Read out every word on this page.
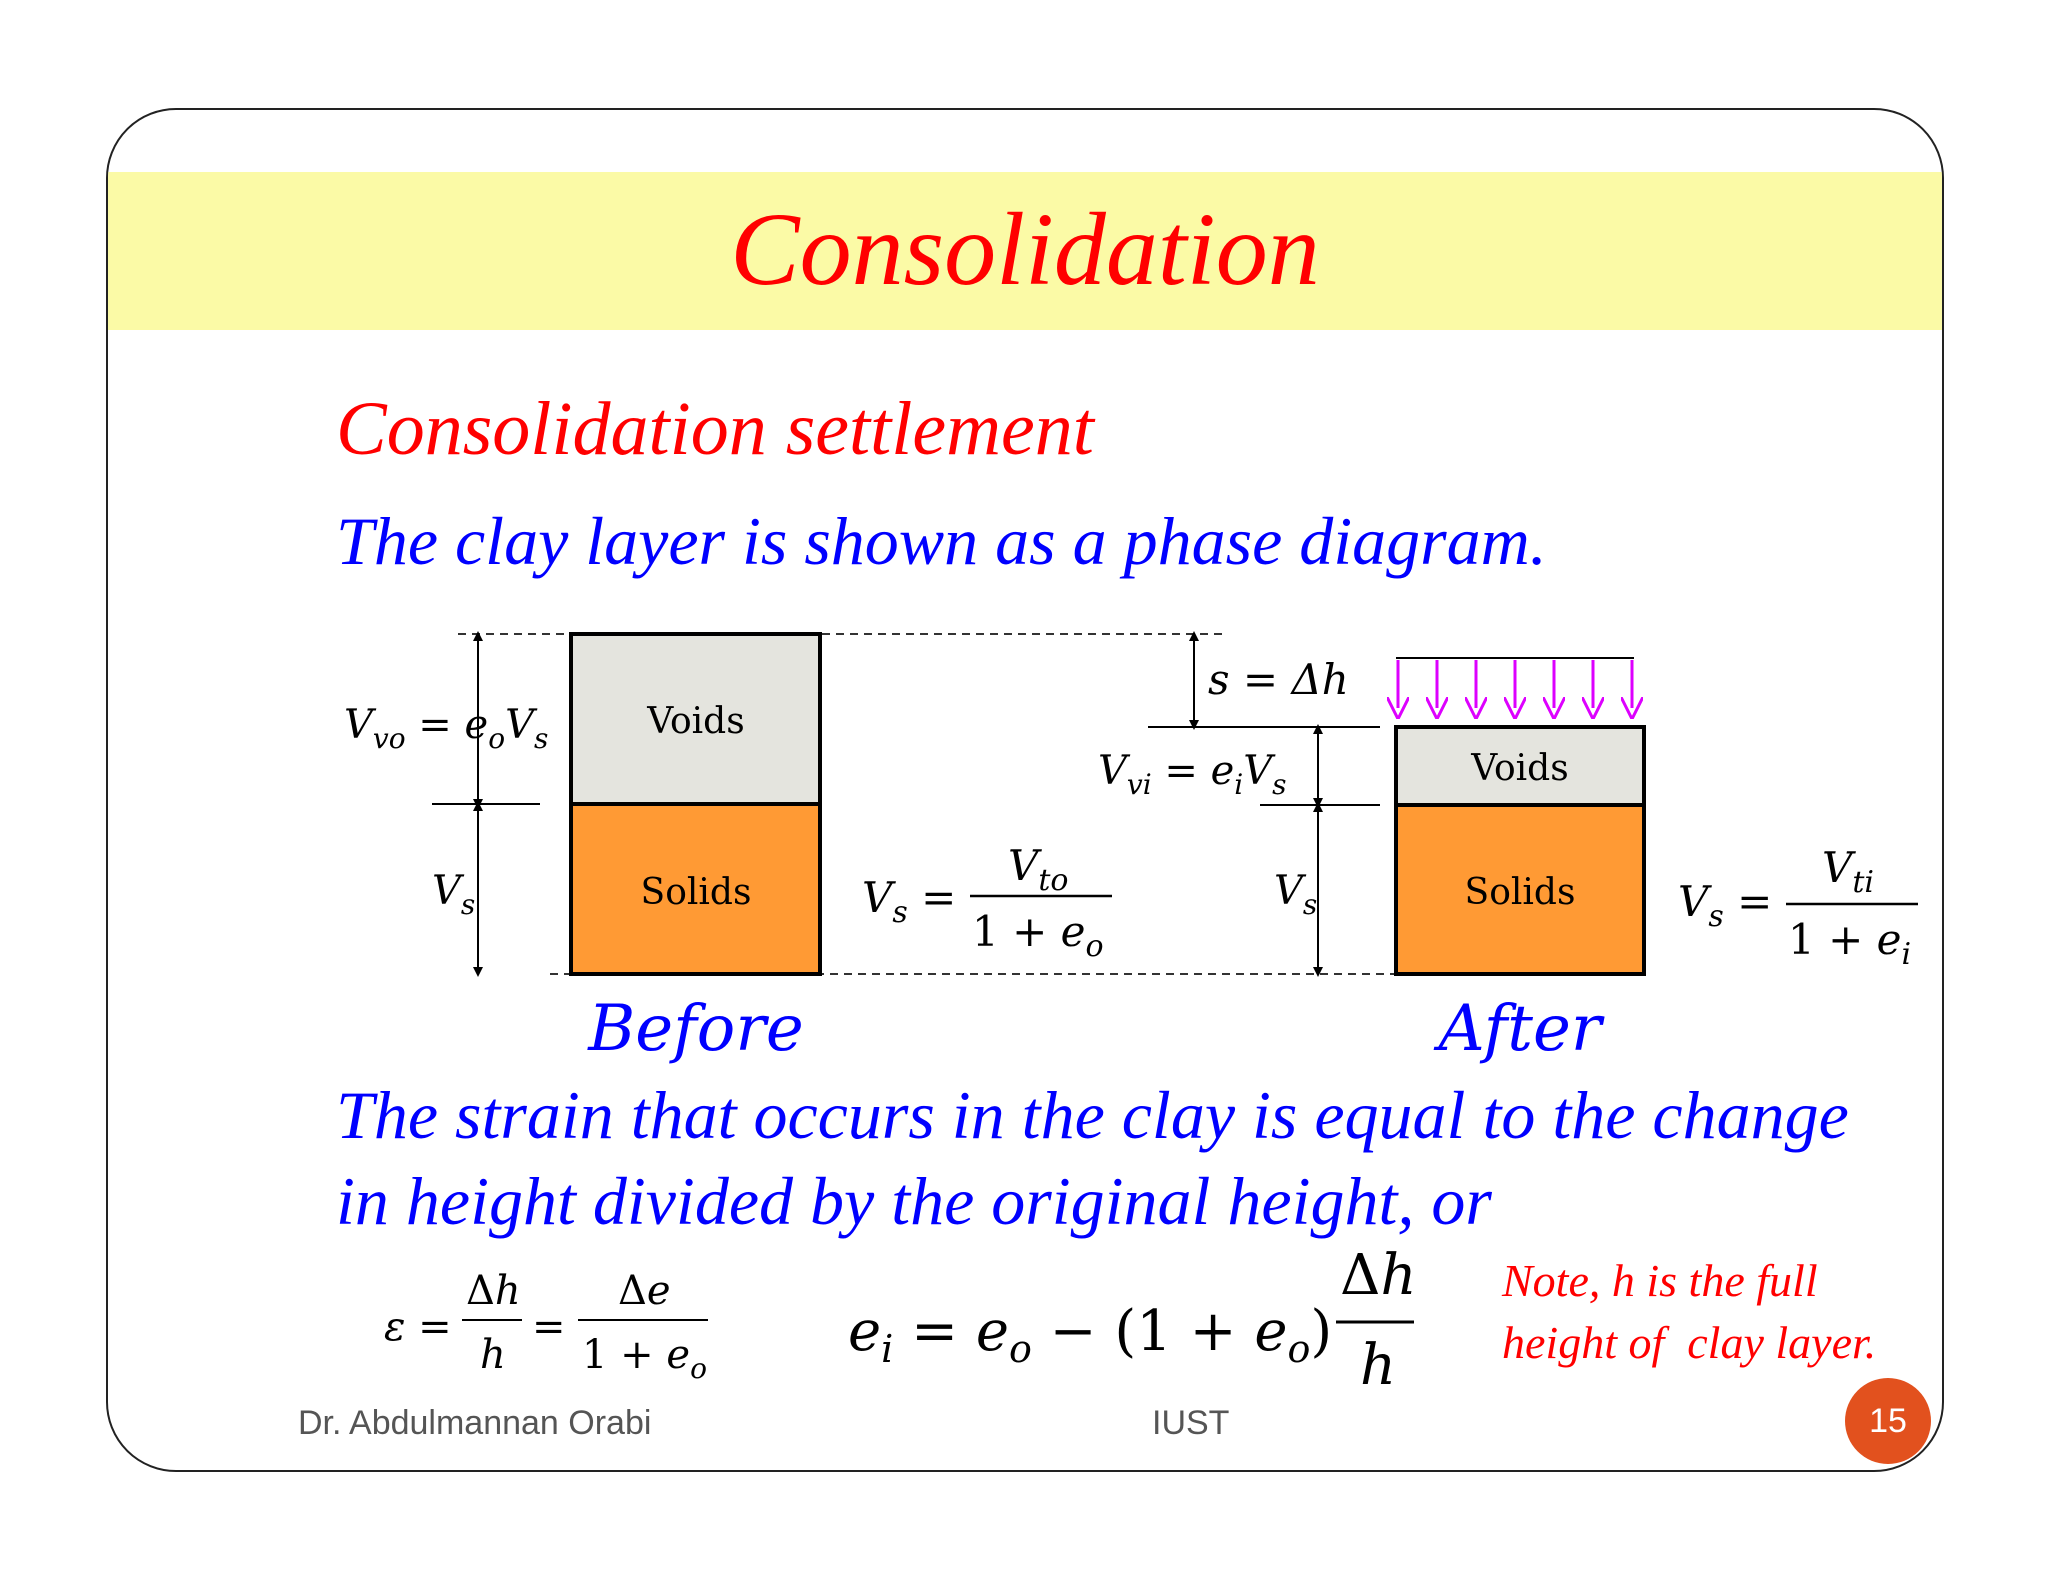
Consolidation
Consolidation settlement
The clay layer is shown as a phase diagram.
Voids
Solids
$V_{vo} = e_oV_s$
$V_s$	$V_s$ =
$V_{to}$
$1 + e_o$
Before
Voids
Solids
s = Δh
$V_{vi} = e_iV_s$
$V_s$	$V_s$ =
$V_{ti}$
$1 + e_i$
After
ε =
Δh
h
=
Δe
$1 + e_o$
$e_i = e_o - (1 + e_o)$
Δh
h
The strain that occurs in the clay is equal to the change
in height divided by the original height, or
Note, h is the full
height of  clay layer.
Dr. Abdulmannan Orabi	IUST	15
